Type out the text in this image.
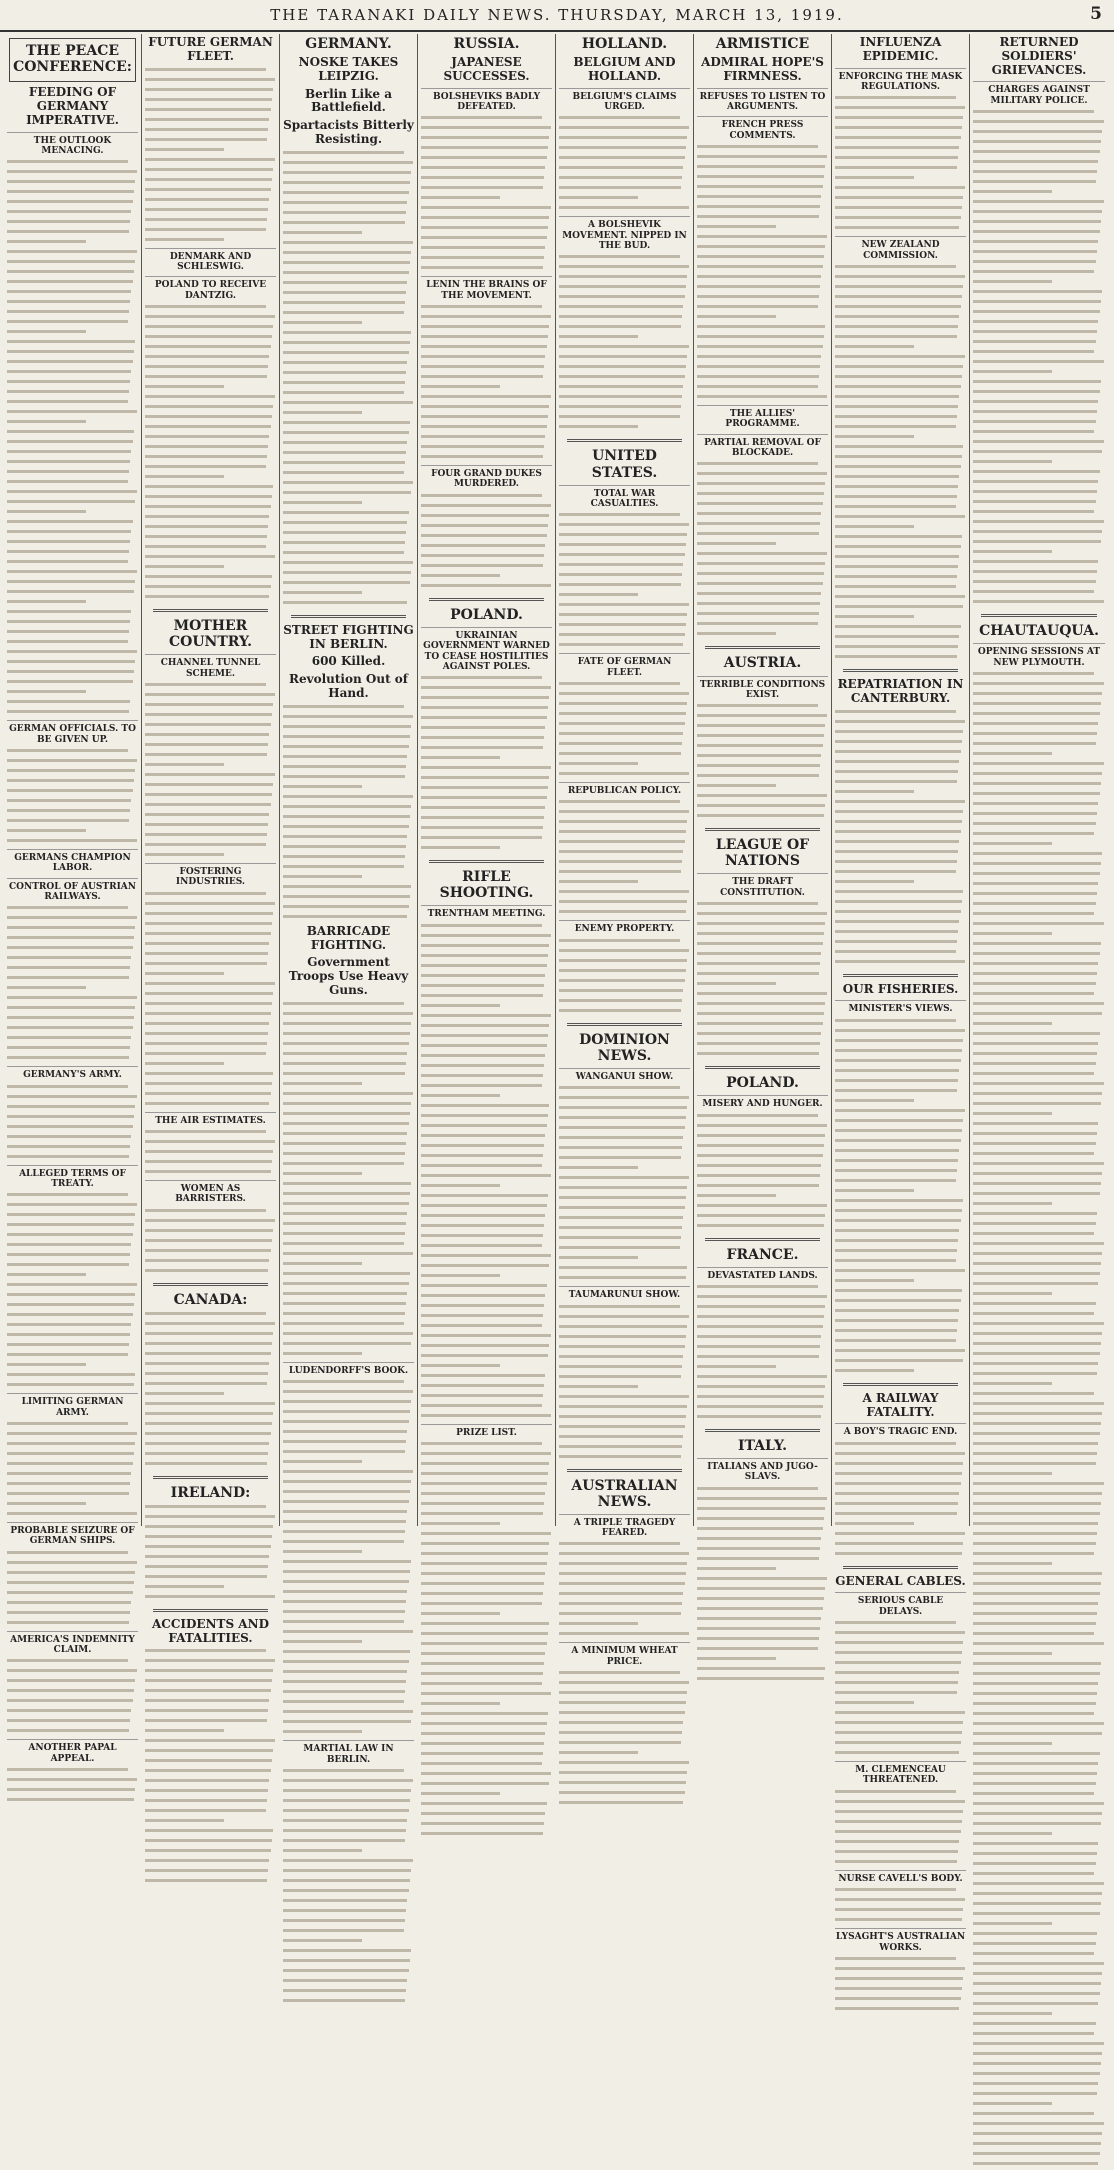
THE TARANAKI DAILY NEWS. THURSDAY, MARCH 13, 1919.	5
THE PEACE CONFERENCE:
FEEDING OF GERMANY IMPERATIVE.
THE OUTLOOK MENACING.
GERMAN OFFICIALS. TO BE GIVEN UP.
GERMANS CHAMPION LABOR.
CONTROL OF AUSTRIAN RAILWAYS.
GERMANY'S ARMY.
ALLEGED TERMS OF TREATY.
LIMITING GERMAN ARMY.
PROBABLE SEIZURE OF GERMAN SHIPS.
AMERICA'S INDEMNITY CLAIM.
ANOTHER PAPAL APPEAL.
FUTURE GERMAN FLEET.
DENMARK AND SCHLESWIG.
POLAND TO RECEIVE DANTZIG.
MOTHER COUNTRY.
CHANNEL TUNNEL SCHEME.
FOSTERING INDUSTRIES.
THE AIR ESTIMATES.
WOMEN AS BARRISTERS.
CANADA:
IRELAND:
ACCIDENTS AND FATALITIES.
GERMANY.
NOSKE TAKES LEIPZIG.
Berlin Like a Battlefield.
Spartacists Bitterly Resisting.
STREET FIGHTING IN BERLIN.
600 Killed.
Revolution Out of Hand.
BARRICADE FIGHTING.
Government Troops Use Heavy Guns.
LUDENDORFF'S BOOK.
MARTIAL LAW IN BERLIN.
RUSSIA.
JAPANESE SUCCESSES.
BOLSHEVIKS BADLY DEFEATED.
LENIN THE BRAINS OF THE MOVEMENT.
FOUR GRAND DUKES MURDERED.
POLAND.
UKRAINIAN GOVERNMENT WARNED TO CEASE HOSTILITIES AGAINST POLES.
RIFLE SHOOTING.
TRENTHAM MEETING.
PRIZE LIST.
HOLLAND.
BELGIUM AND HOLLAND.
BELGIUM'S CLAIMS URGED.
A BOLSHEVIK MOVEMENT. NIPPED IN THE BUD.
UNITED STATES.
TOTAL WAR CASUALTIES.
FATE OF GERMAN FLEET.
REPUBLICAN POLICY.
ENEMY PROPERTY.
DOMINION NEWS.
WANGANUI SHOW.
TAUMARUNUI SHOW.
AUSTRALIAN NEWS.
A TRIPLE TRAGEDY FEARED.
A MINIMUM WHEAT PRICE.
ARMISTICE
ADMIRAL HOPE'S FIRMNESS.
REFUSES TO LISTEN TO ARGUMENTS.
FRENCH PRESS COMMENTS.
THE ALLIES' PROGRAMME.
PARTIAL REMOVAL OF BLOCKADE.
AUSTRIA.
TERRIBLE CONDITIONS EXIST.
LEAGUE OF NATIONS
THE DRAFT CONSTITUTION.
POLAND.
MISERY AND HUNGER.
FRANCE.
DEVASTATED LANDS.
ITALY.
ITALIANS AND JUGO-SLAVS.
INFLUENZA EPIDEMIC.
ENFORCING THE MASK REGULATIONS.
NEW ZEALAND COMMISSION.
REPATRIATION IN CANTERBURY.
OUR FISHERIES.
MINISTER'S VIEWS.
A RAILWAY FATALITY.
A BOY'S TRAGIC END.
GENERAL CABLES.
SERIOUS CABLE DELAYS.
M. CLEMENCEAU THREATENED.
NURSE CAVELL'S BODY.
LYSAGHT'S AUSTRALIAN WORKS.
RETURNED SOLDIERS' GRIEVANCES.
CHARGES AGAINST MILITARY POLICE.
CHAUTAUQUA.
OPENING SESSIONS AT NEW PLYMOUTH.
